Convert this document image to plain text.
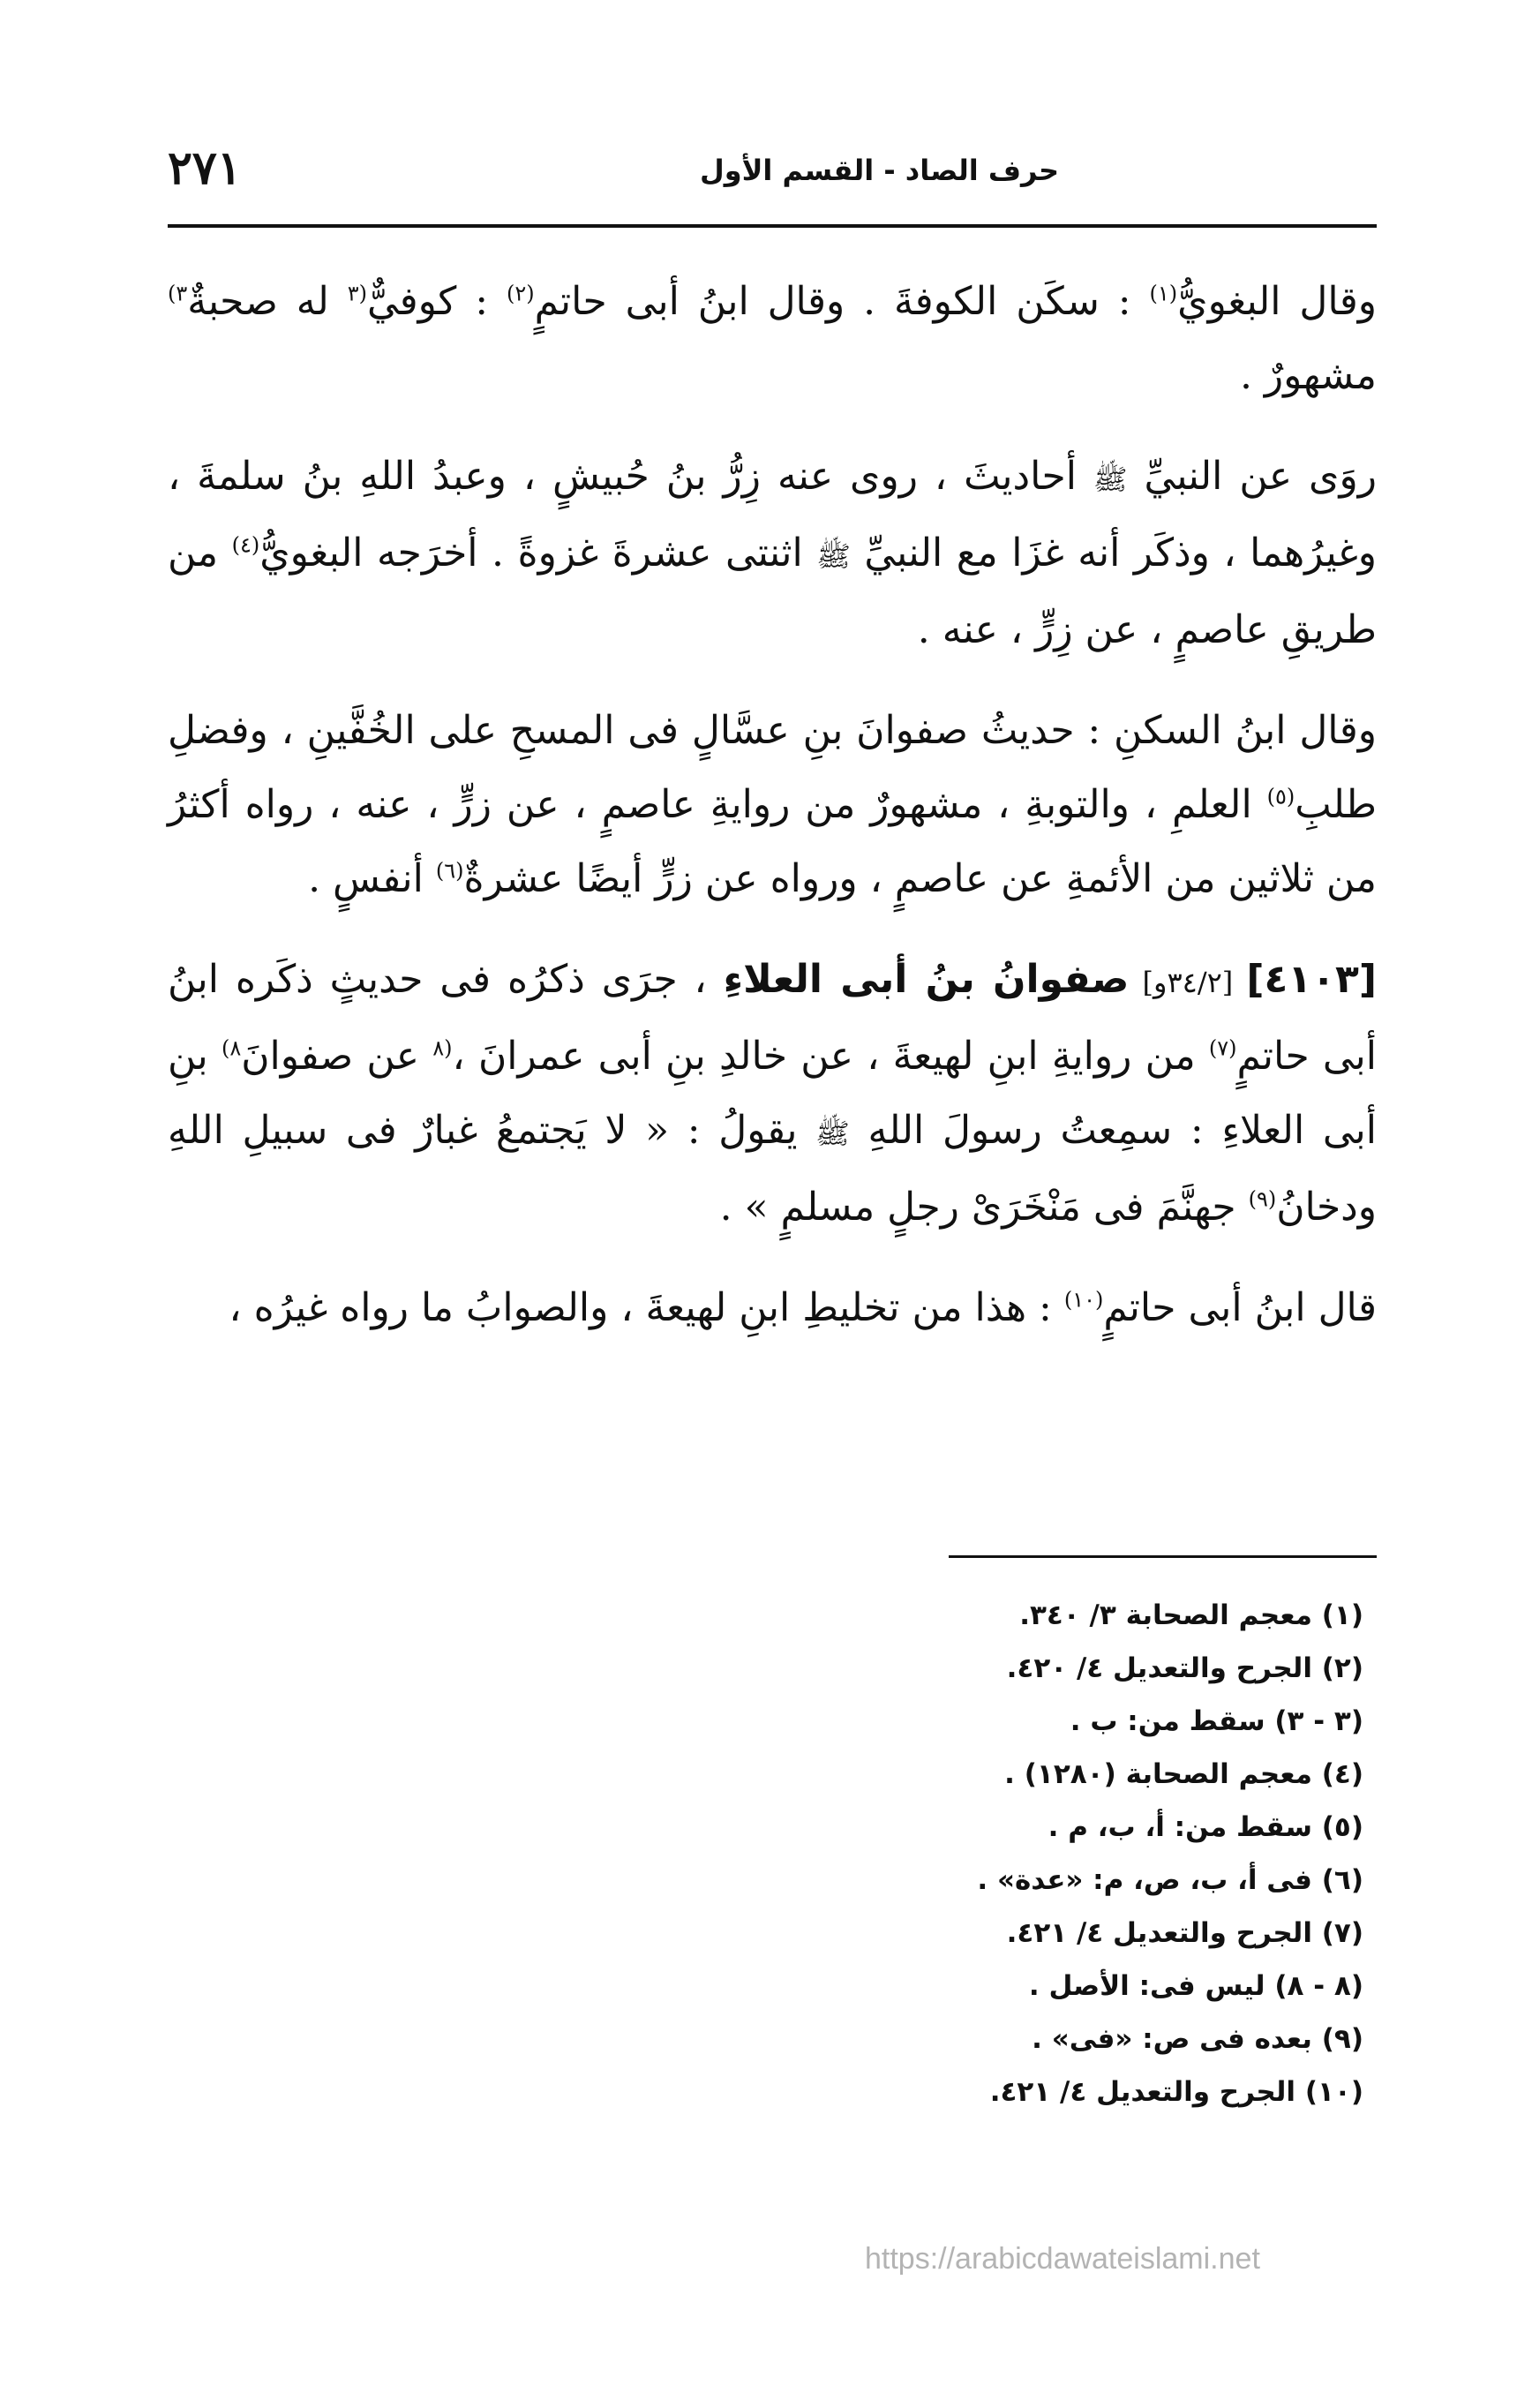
حرف الصاد - القسم الأول
٢٧١

وقال البغويُّ$^{(١)}$ : سكَن الكوفةَ . وقال ابنُ أبى حاتمٍ$^{(٢)}$ : كوفيٌّ$^{(٣}$ له صحبةٌ$^{٣)}$ مشهورٌ .

روَى عن النبيِّ ﷺ أحاديثَ ، روى عنه زِرُّ بنُ حُبيشٍ ، وعبدُ اللهِ بنُ سلمةَ ، وغيرُهما ، وذكَر أنه غزَا مع النبيِّ ﷺ اثنتى عشرةَ غزوةً . أخرَجه البغويُّ$^{(٤)}$ من طريقِ عاصمٍ ، عن زِرٍّ ، عنه .

وقال ابنُ السكنِ : حديثُ صفوانَ بنِ عسَّالٍ فى المسحِ على الخُفَّينِ ، وفضلِ طلبِ$^{(٥)}$ العلمِ ، والتوبةِ ، مشهورٌ من روايةِ عاصمٍ ، عن زرٍّ ، عنه ، رواه أكثرُ من ثلاثين من الأئمةِ عن عاصمٍ ، ورواه عن زرٍّ أيضًا عشرةٌ$^{(٦)}$ أنفسٍ .

[٤١٠٣] [٣٤/٢و] صفوانُ بنُ أبى العلاءِ ، جرَى ذكرُه فى حديثٍ ذكَره ابنُ أبى حاتمٍ$^{(٧)}$ من روايةِ ابنِ لهيعةَ ، عن خالدِ بنِ أبى عمرانَ ،$^{(٨}$ عن صفوانَ$^{٨)}$ بنِ أبى العلاءِ : سمِعتُ رسولَ اللهِ ﷺ يقولُ : « لا يَجتمعُ غبارٌ فى سبيلِ اللهِ ودخانُ$^{(٩)}$ جهنَّمَ فى مَنْخَرَىْ رجلٍ مسلمٍ » .

قال ابنُ أبى حاتمٍ$^{(١٠)}$ : هذا من تخليطِ ابنِ لهيعةَ ، والصوابُ ما رواه غيرُه ،

(١) معجم الصحابة ٣/ ٣٤٠.
(٢) الجرح والتعديل ٤/ ٤٢٠.
(٣ - ٣) سقط من: ب .
(٤) معجم الصحابة (١٢٨٠) .
(٥) سقط من: أ، ب، م .
(٦) فى أ، ب، ص، م: «عدة» .
(٧) الجرح والتعديل ٤/ ٤٢١.
(٨ - ٨) ليس فى: الأصل .
(٩) بعده فى ص: «فى» .
(١٠) الجرح والتعديل ٤/ ٤٢١.
https://arabicdawateislami.net
